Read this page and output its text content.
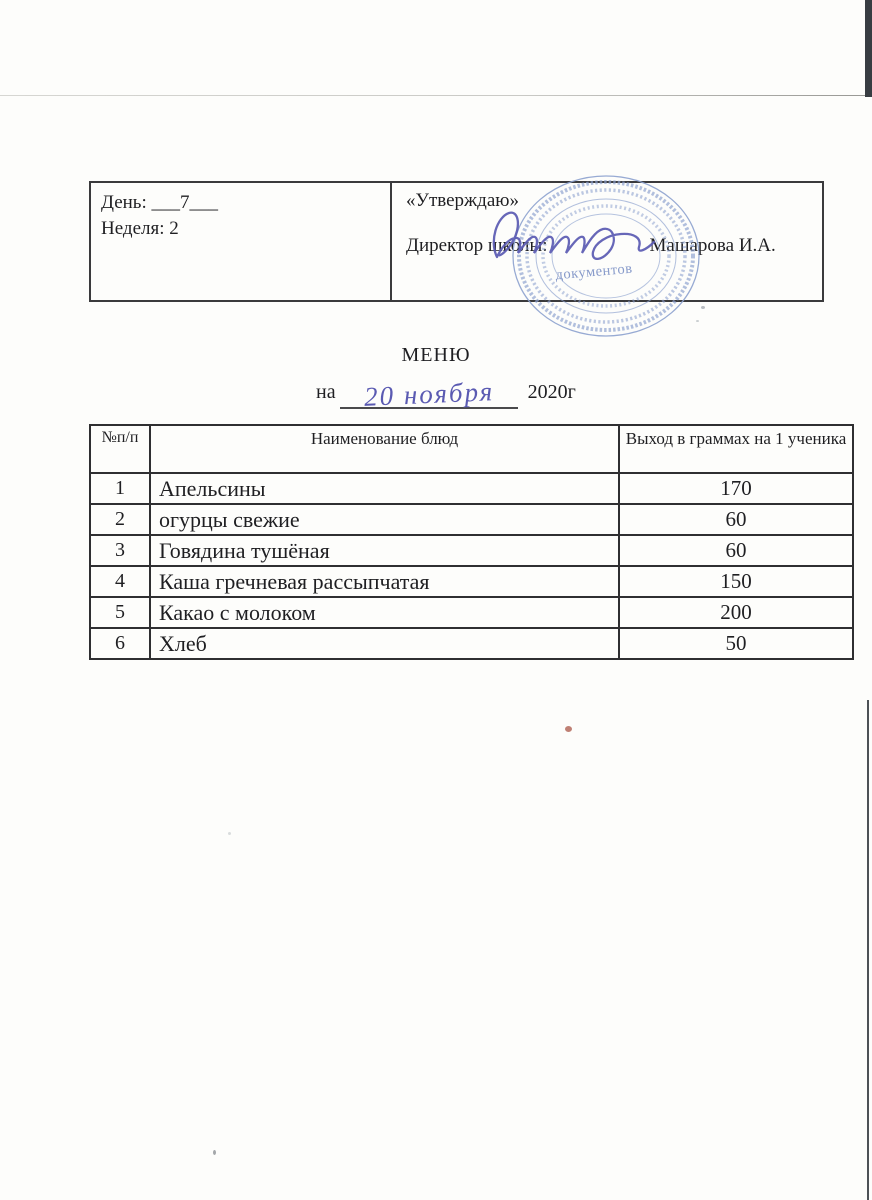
День: ___7___
Неделя: 2
«Утверждаю»
Директор школы:	Машарова И.А.
документов
МЕНЮ
на	20 ноября	2020г
№п/п	Наименование блюд	Выход в граммах на 1 ученика
1	Апельсины	170
2	огурцы свежие	60
3	Говядина тушёная	60
4	Каша гречневая рассыпчатая	150
5	Какао с молоком	200
6	Хлеб	50
